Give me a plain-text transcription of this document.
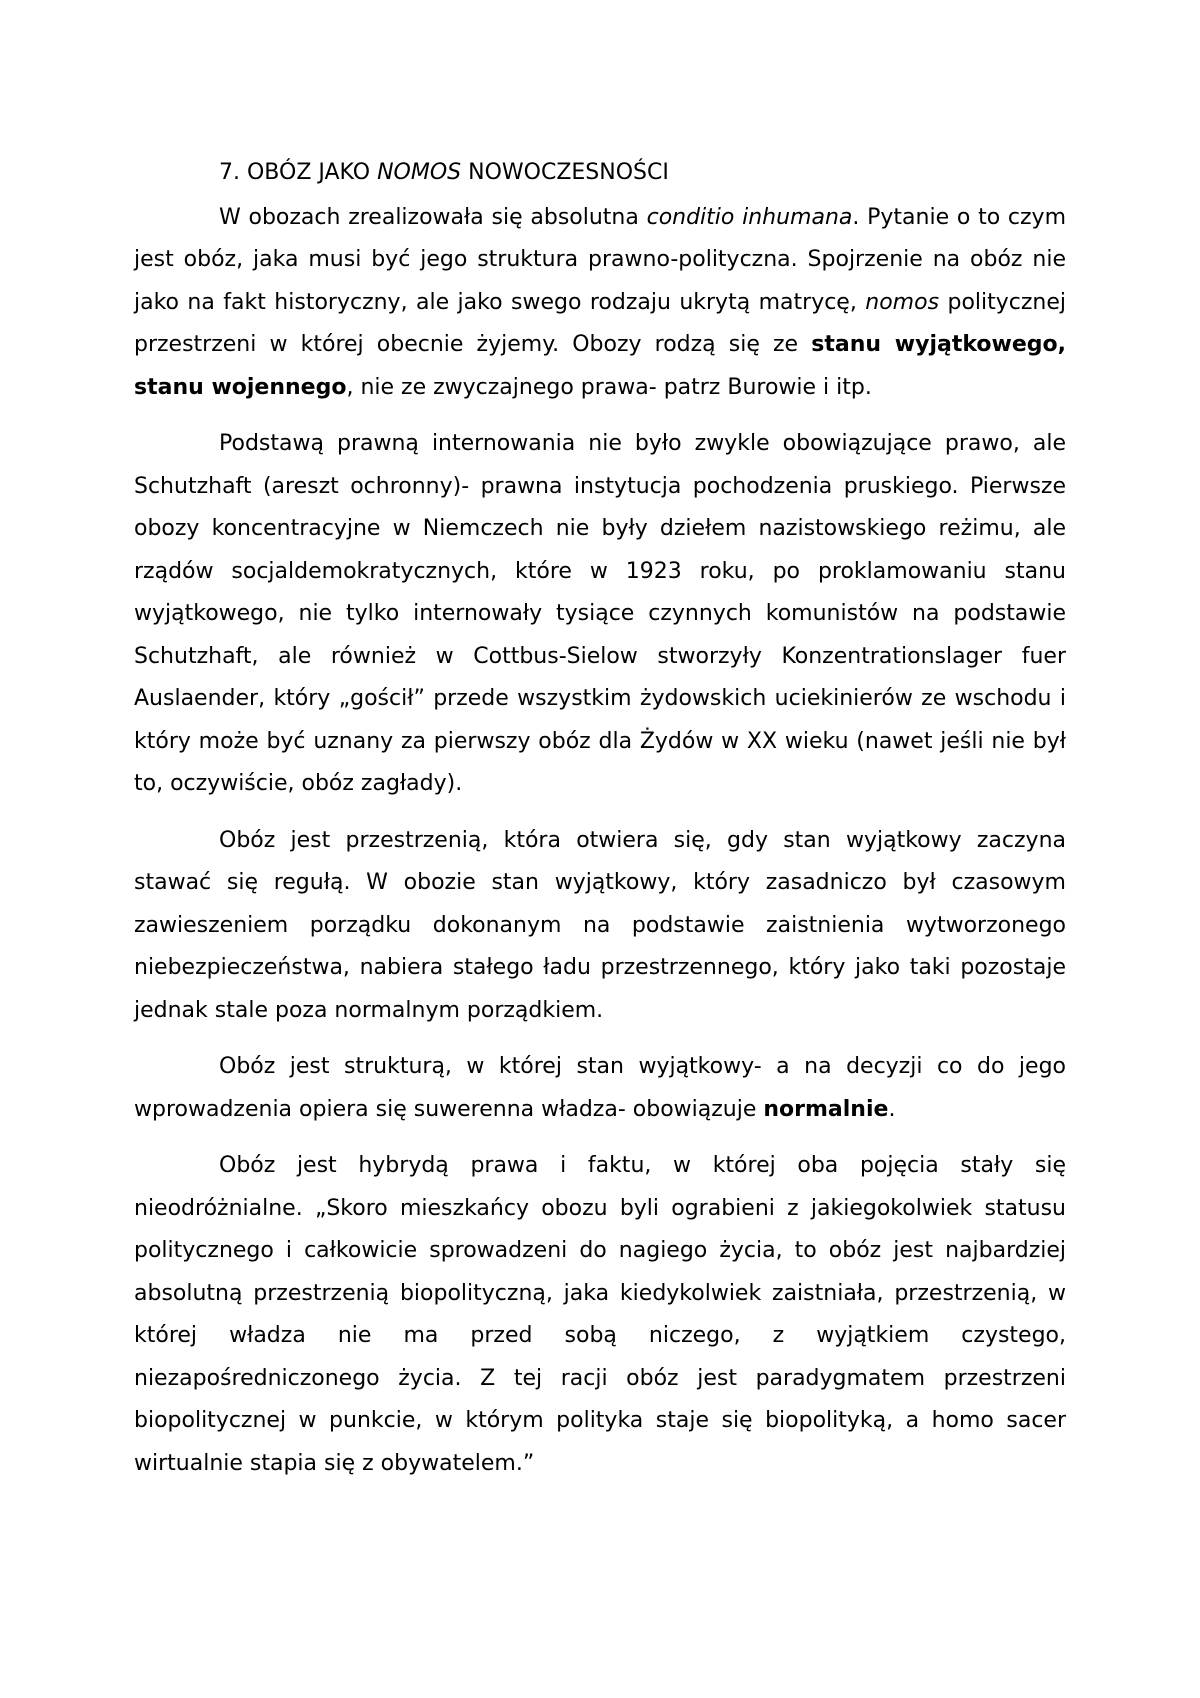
7. OBÓZ JAKO NOMOS NOWOCZESNOŚCI

W obozach zrealizowała się absolutna conditio inhumana. Pytanie o to czym jest obóz, jaka musi być jego struktura prawno-polityczna. Spojrzenie na obóz nie jako na fakt historyczny, ale jako swego rodzaju ukrytą matrycę, nomos politycznej przestrzeni w której obecnie żyjemy. Obozy rodzą się ze stanu wyjątkowego, stanu wojennego, nie ze zwyczajnego prawa- patrz Burowie i itp.

Podstawą prawną internowania nie było zwykle obowiązujące prawo, ale Schutzhaft (areszt ochronny)- prawna instytucja pochodzenia pruskiego. Pierwsze obozy koncentracyjne w Niemczech nie były dziełem nazistowskiego reżimu, ale rządów socjaldemokratycznych, które w 1923 roku, po proklamowaniu stanu wyjątkowego, nie tylko internowały tysiące czynnych komunistów na podstawie Schutzhaft, ale również w Cottbus-Sielow stworzyły Konzentrationslager fuer Auslaender, który „gościł” przede wszystkim żydowskich uciekinierów ze wschodu i który może być uznany za pierwszy obóz dla Żydów w XX wieku (nawet jeśli nie był to, oczywiście, obóz zagłady).

Obóz jest przestrzenią, która otwiera się, gdy stan wyjątkowy zaczyna stawać się regułą. W obozie stan wyjątkowy, który zasadniczo był czasowym zawieszeniem porządku dokonanym na podstawie zaistnienia wytworzonego niebezpieczeństwa, nabiera stałego ładu przestrzennego, który jako taki pozostaje jednak stale poza normalnym porządkiem.

Obóz jest strukturą, w której stan wyjątkowy- a na decyzji co do jego wprowadzenia opiera się suwerenna władza- obowiązuje normalnie.

Obóz jest hybrydą prawa i faktu, w której oba pojęcia stały się nieodróżnialne. „Skoro mieszkańcy obozu byli ograbieni z jakiegokolwiek statusu politycznego i całkowicie sprowadzeni do nagiego życia, to obóz jest najbardziej absolutną przestrzenią biopolityczną, jaka kiedykolwiek zaistniała, przestrzenią, w której władza nie ma przed sobą niczego, z wyjątkiem czystego, niezapośredniczonego życia. Z tej racji obóz jest paradygmatem przestrzeni biopolitycznej w punkcie, w którym polityka staje się biopolityką, a homo sacer wirtualnie stapia się z obywatelem.”
